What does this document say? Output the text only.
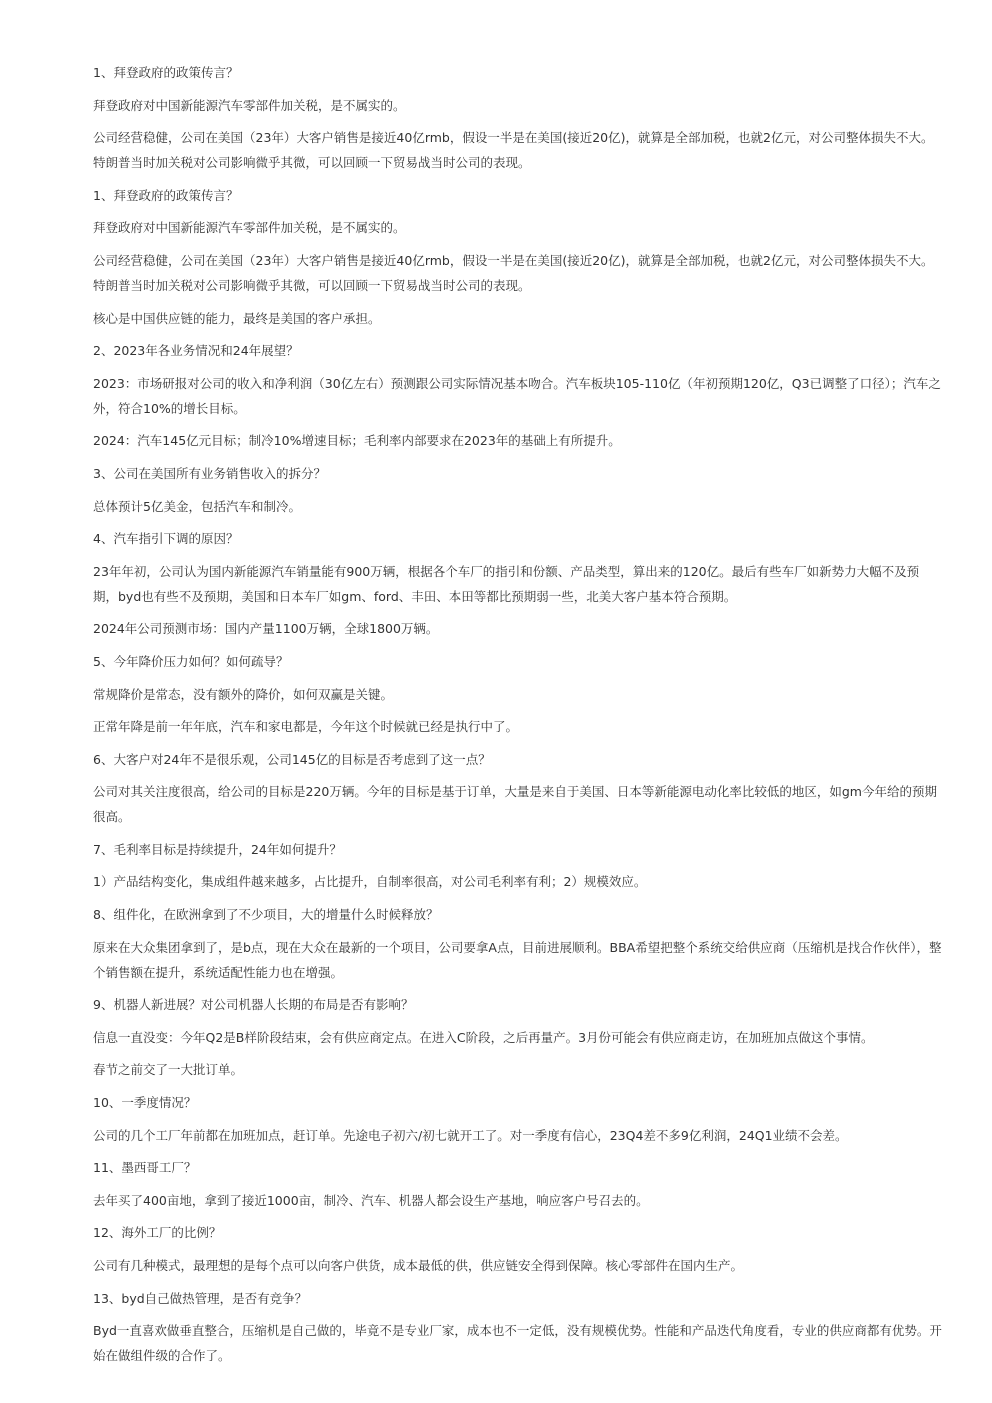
1、拜登政府的政策传言？

拜登政府对中国新能源汽车零部件加关税，是不属实的。

公司经营稳健，公司在美国（23年）大客户销售是接近40亿rmb，假设一半是在美国(接近20亿)，就算是全部加税，也就2亿元，对公司整体损失不大。特朗普当时加关税对公司影响微乎其微，可以回顾一下贸易战当时公司的表现。

1、拜登政府的政策传言？

拜登政府对中国新能源汽车零部件加关税，是不属实的。

公司经营稳健，公司在美国（23年）大客户销售是接近40亿rmb，假设一半是在美国(接近20亿)，就算是全部加税，也就2亿元，对公司整体损失不大。特朗普当时加关税对公司影响微乎其微，可以回顾一下贸易战当时公司的表现。

核心是中国供应链的能力，最终是美国的客户承担。

2、2023年各业务情况和24年展望？

2023：市场研报对公司的收入和净利润（30亿左右）预测跟公司实际情况基本吻合。汽车板块105-110亿（年初预期120亿，Q3已调整了口径）；汽车之外，符合10%的增长目标。

2024：汽车145亿元目标；制冷10%增速目标；毛利率内部要求在2023年的基础上有所提升。

3、公司在美国所有业务销售收入的拆分？

总体预计5亿美金，包括汽车和制冷。

4、汽车指引下调的原因？

23年年初，公司认为国内新能源汽车销量能有900万辆，根据各个车厂的指引和份额、产品类型，算出来的120亿。最后有些车厂如新势力大幅不及预期，byd也有些不及预期，美国和日本车厂如gm、ford、丰田、本田等都比预期弱一些，北美大客户基本符合预期。

2024年公司预测市场：国内产量1100万辆，全球1800万辆。

5、今年降价压力如何？如何疏导？

常规降价是常态，没有额外的降价，如何双赢是关键。

正常年降是前一年年底，汽车和家电都是，今年这个时候就已经是执行中了。

6、大客户对24年不是很乐观，公司145亿的目标是否考虑到了这一点？

公司对其关注度很高，给公司的目标是220万辆。今年的目标是基于订单，大量是来自于美国、日本等新能源电动化率比较低的地区，如gm今年给的预期很高。

7、毛利率目标是持续提升，24年如何提升？

1）产品结构变化，集成组件越来越多，占比提升，自制率很高，对公司毛利率有利；2）规模效应。

8、组件化，在欧洲拿到了不少项目，大的增量什么时候释放？

原来在大众集团拿到了，是b点，现在大众在最新的一个项目，公司要拿A点，目前进展顺利。BBA希望把整个系统交给供应商（压缩机是找合作伙伴），整个销售额在提升，系统适配性能力也在增强。

9、机器人新进展？对公司机器人长期的布局是否有影响？

信息一直没变：今年Q2是B样阶段结束，会有供应商定点。在进入C阶段，之后再量产。3月份可能会有供应商走访，在加班加点做这个事情。

春节之前交了一大批订单。

10、一季度情况？

公司的几个工厂年前都在加班加点，赶订单。先途电子初六/初七就开工了。对一季度有信心，23Q4差不多9亿利润，24Q1业绩不会差。

11、墨西哥工厂？

去年买了400亩地，拿到了接近1000亩，制冷、汽车、机器人都会设生产基地，响应客户号召去的。

12、海外工厂的比例？

公司有几种模式，最理想的是每个点可以向客户供货，成本最低的供，供应链安全得到保障。核心零部件在国内生产。

13、byd自己做热管理，是否有竞争？

Byd一直喜欢做垂直整合，压缩机是自己做的，毕竟不是专业厂家，成本也不一定低，没有规模优势。性能和产品迭代角度看，专业的供应商都有优势。开始在做组件级的合作了。
